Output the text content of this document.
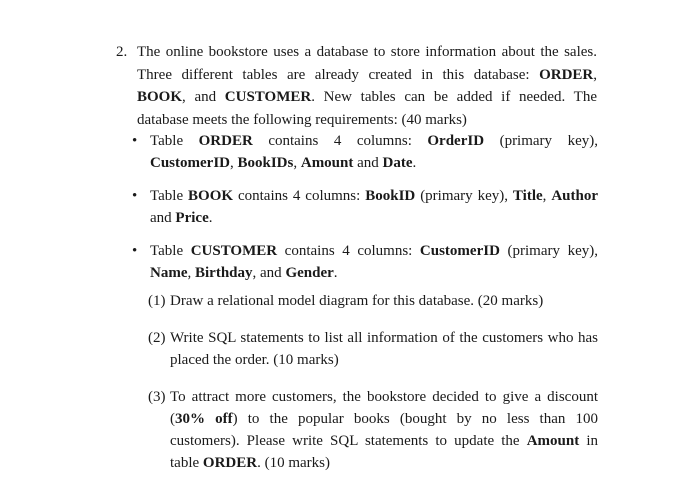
2. The online bookstore uses a database to store information about the sales. Three different tables are already created in this database: ORDER, BOOK, and CUSTOMER. New tables can be added if needed. The database meets the following requirements: (40 marks)
• Table ORDER contains 4 columns: OrderID (primary key), CustomerID, BookIDs, Amount and Date.
• Table BOOK contains 4 columns: BookID (primary key), Title, Author and Price.
• Table CUSTOMER contains 4 columns: CustomerID (primary key), Name, Birthday, and Gender.
(1) Draw a relational model diagram for this database. (20 marks)
(2) Write SQL statements to list all information of the customers who has placed the order. (10 marks)
(3) To attract more customers, the bookstore decided to give a discount (30% off) to the popular books (bought by no less than 100 customers). Please write SQL statements to update the Amount in table ORDER. (10 marks)
